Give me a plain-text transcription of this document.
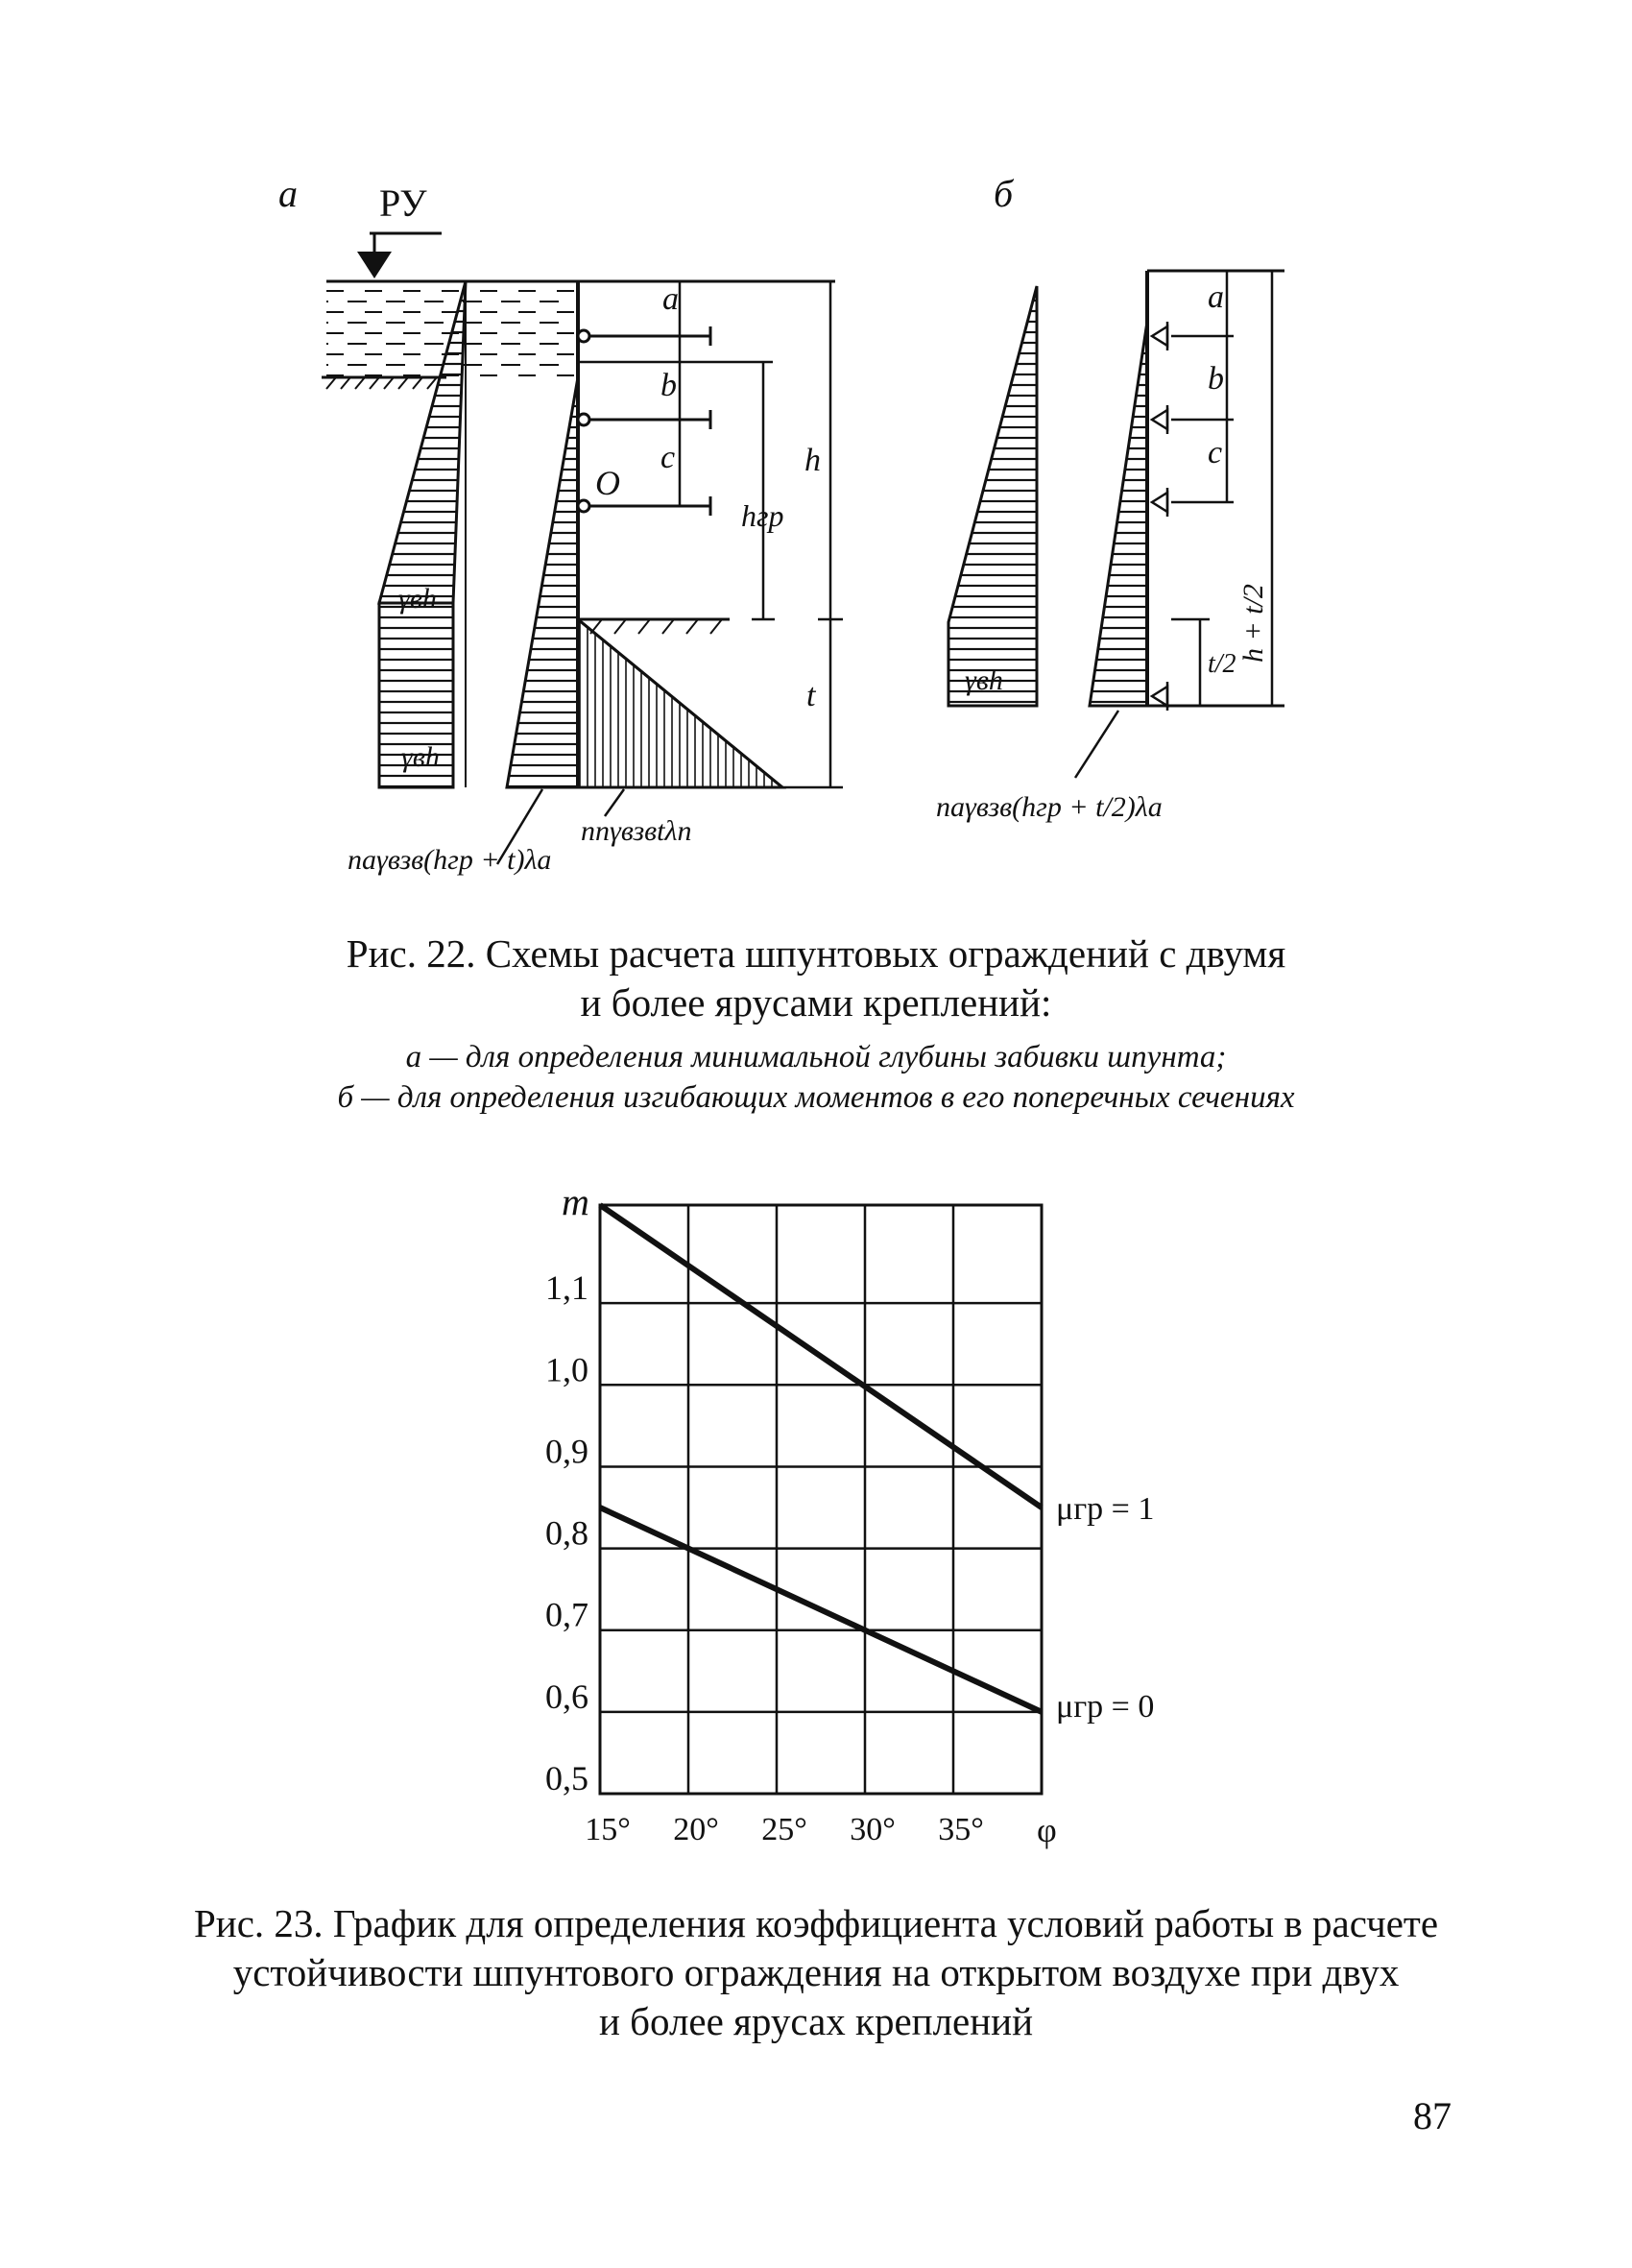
а	б
РУ
a
b
c
O
hгр
h
t
γвh
γвh
nпγвзвtλп
naγвзв(hгр + t)λa
γвh
a
b
c
t/2
h + t/2
naγвзв(hгр + t/2)λa
Рис. 22. Схемы расчета шпунтовых ограждений с двумя
и более ярусами креплений:
а — для определения минимальной глубины забивки шпунта;
б — для определения изгибающих моментов в его поперечных сечениях
1,1
1,0
0,9
0,8
0,7
0,6
0,5
15° 20° 25° 30° 35°
m
φ
μгр = 1
μгр = 0
Рис. 23. График для определения коэффициента условий работы в расчете
устойчивости шпунтового ограждения на открытом воздухе при двух
и более ярусах креплений
87
